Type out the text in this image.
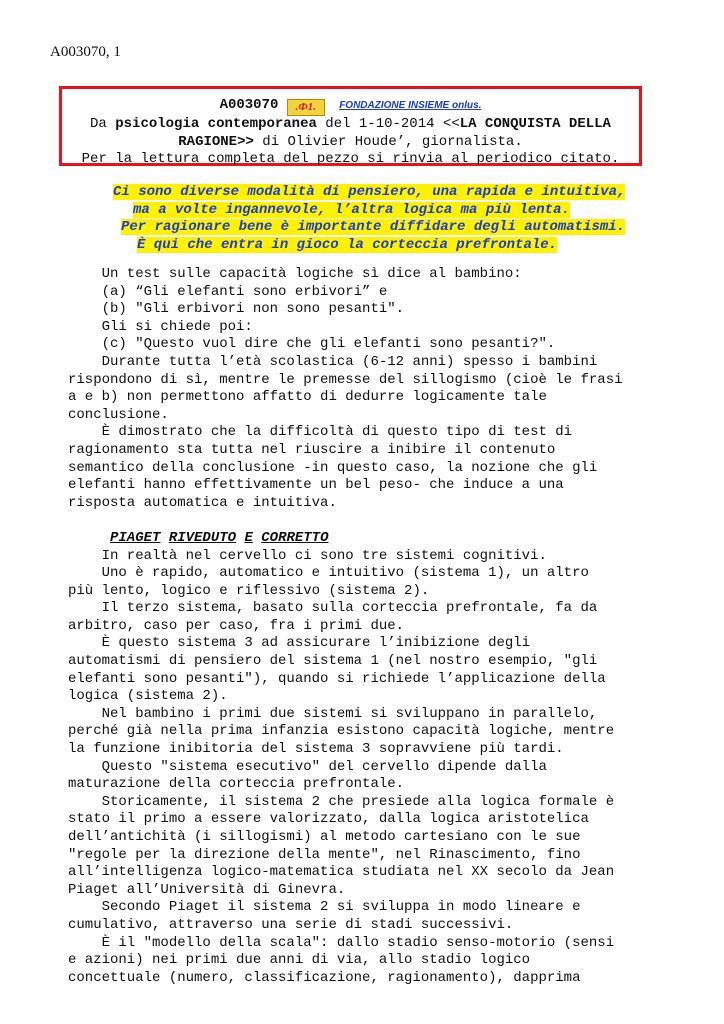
A003070, 1
A003070 .Ф1. FONDAZIONE INSIEME onlus.
Da psicologia contemporanea del 1-10-2014 <<LA CONQUISTA DELLA
RAGIONE>> di Olivier Houde’, giornalista.
Per la lettura completa del pezzo si rinvia al periodico citato.
Ci sono diverse modalità di pensiero, una rapida e intuitiva,
ma a volte ingannevole, l’altra logica ma più lenta.
Per ragionare bene è importante diffidare degli automatismi.
È qui che entra in gioco la corteccia prefrontale.
Un test sulle capacità logiche sì dice al bambino:
(a) “Gli elefanti sono erbivori” e
(b) "Gli erbivori non sono pesanti".
Gli si chiede poi:
(c) "Questo vuol dire che gli elefanti sono pesanti?".
Durante tutta l’età scolastica (6-12 anni) spesso i bambini
rispondono di sì, mentre le premesse del sillogismo (cioè le frasi
a e b) non permettono affatto di dedurre logicamente tale
conclusione.
È dimostrato che la difficoltà di questo tipo di test di
ragionamento sta tutta nel riuscire a inibire il contenuto
semantico della conclusione -in questo caso, la nozione che gli
elefanti hanno effettivamente un bel peso- che induce a una
risposta automatica e intuitiva.
PIAGET RIVEDUTO E CORRETTO
In realtà nel cervello ci sono tre sistemi cognitivi.
Uno è rapido, automatico e intuitivo (sistema 1), un altro
più lento, logico e riflessivo (sistema 2).
Il terzo sistema, basato sulla corteccia prefrontale, fa da
arbitro, caso per caso, fra i primi due.
È questo sistema 3 ad assicurare l’inibizione degli
automatismi di pensiero del sistema 1 (nel nostro esempio, "gli
elefanti sono pesanti"), quando si richiede l’applicazione della
logica (sistema 2).
Nel bambino i primi due sistemi si sviluppano in parallelo,
perché già nella prima infanzia esistono capacità logiche, mentre
la funzione inibitoria del sistema 3 sopravviene più tardi.
Questo "sistema esecutivo" del cervello dipende dalla
maturazione della corteccia prefrontale.
Storicamente, il sistema 2 che presiede alla logica formale è
stato il primo a essere valorizzato, dalla logica aristotelica
dell’antichità (i sillogismi) al metodo cartesiano con le sue
"regole per la direzione della mente", nel Rinascimento, fino
all’intelligenza logico-matematica studiata nel XX secolo da Jean
Piaget all’Università di Ginevra.
Secondo Piaget il sistema 2 si sviluppa in modo lineare e
cumulativo, attraverso una serie di stadi successivi.
È il "modello della scala": dallo stadio senso-motorio (sensi
e azioni) nei primi due anni di via, allo stadio logico
concettuale (numero, classificazione, ragionamento), dapprima
